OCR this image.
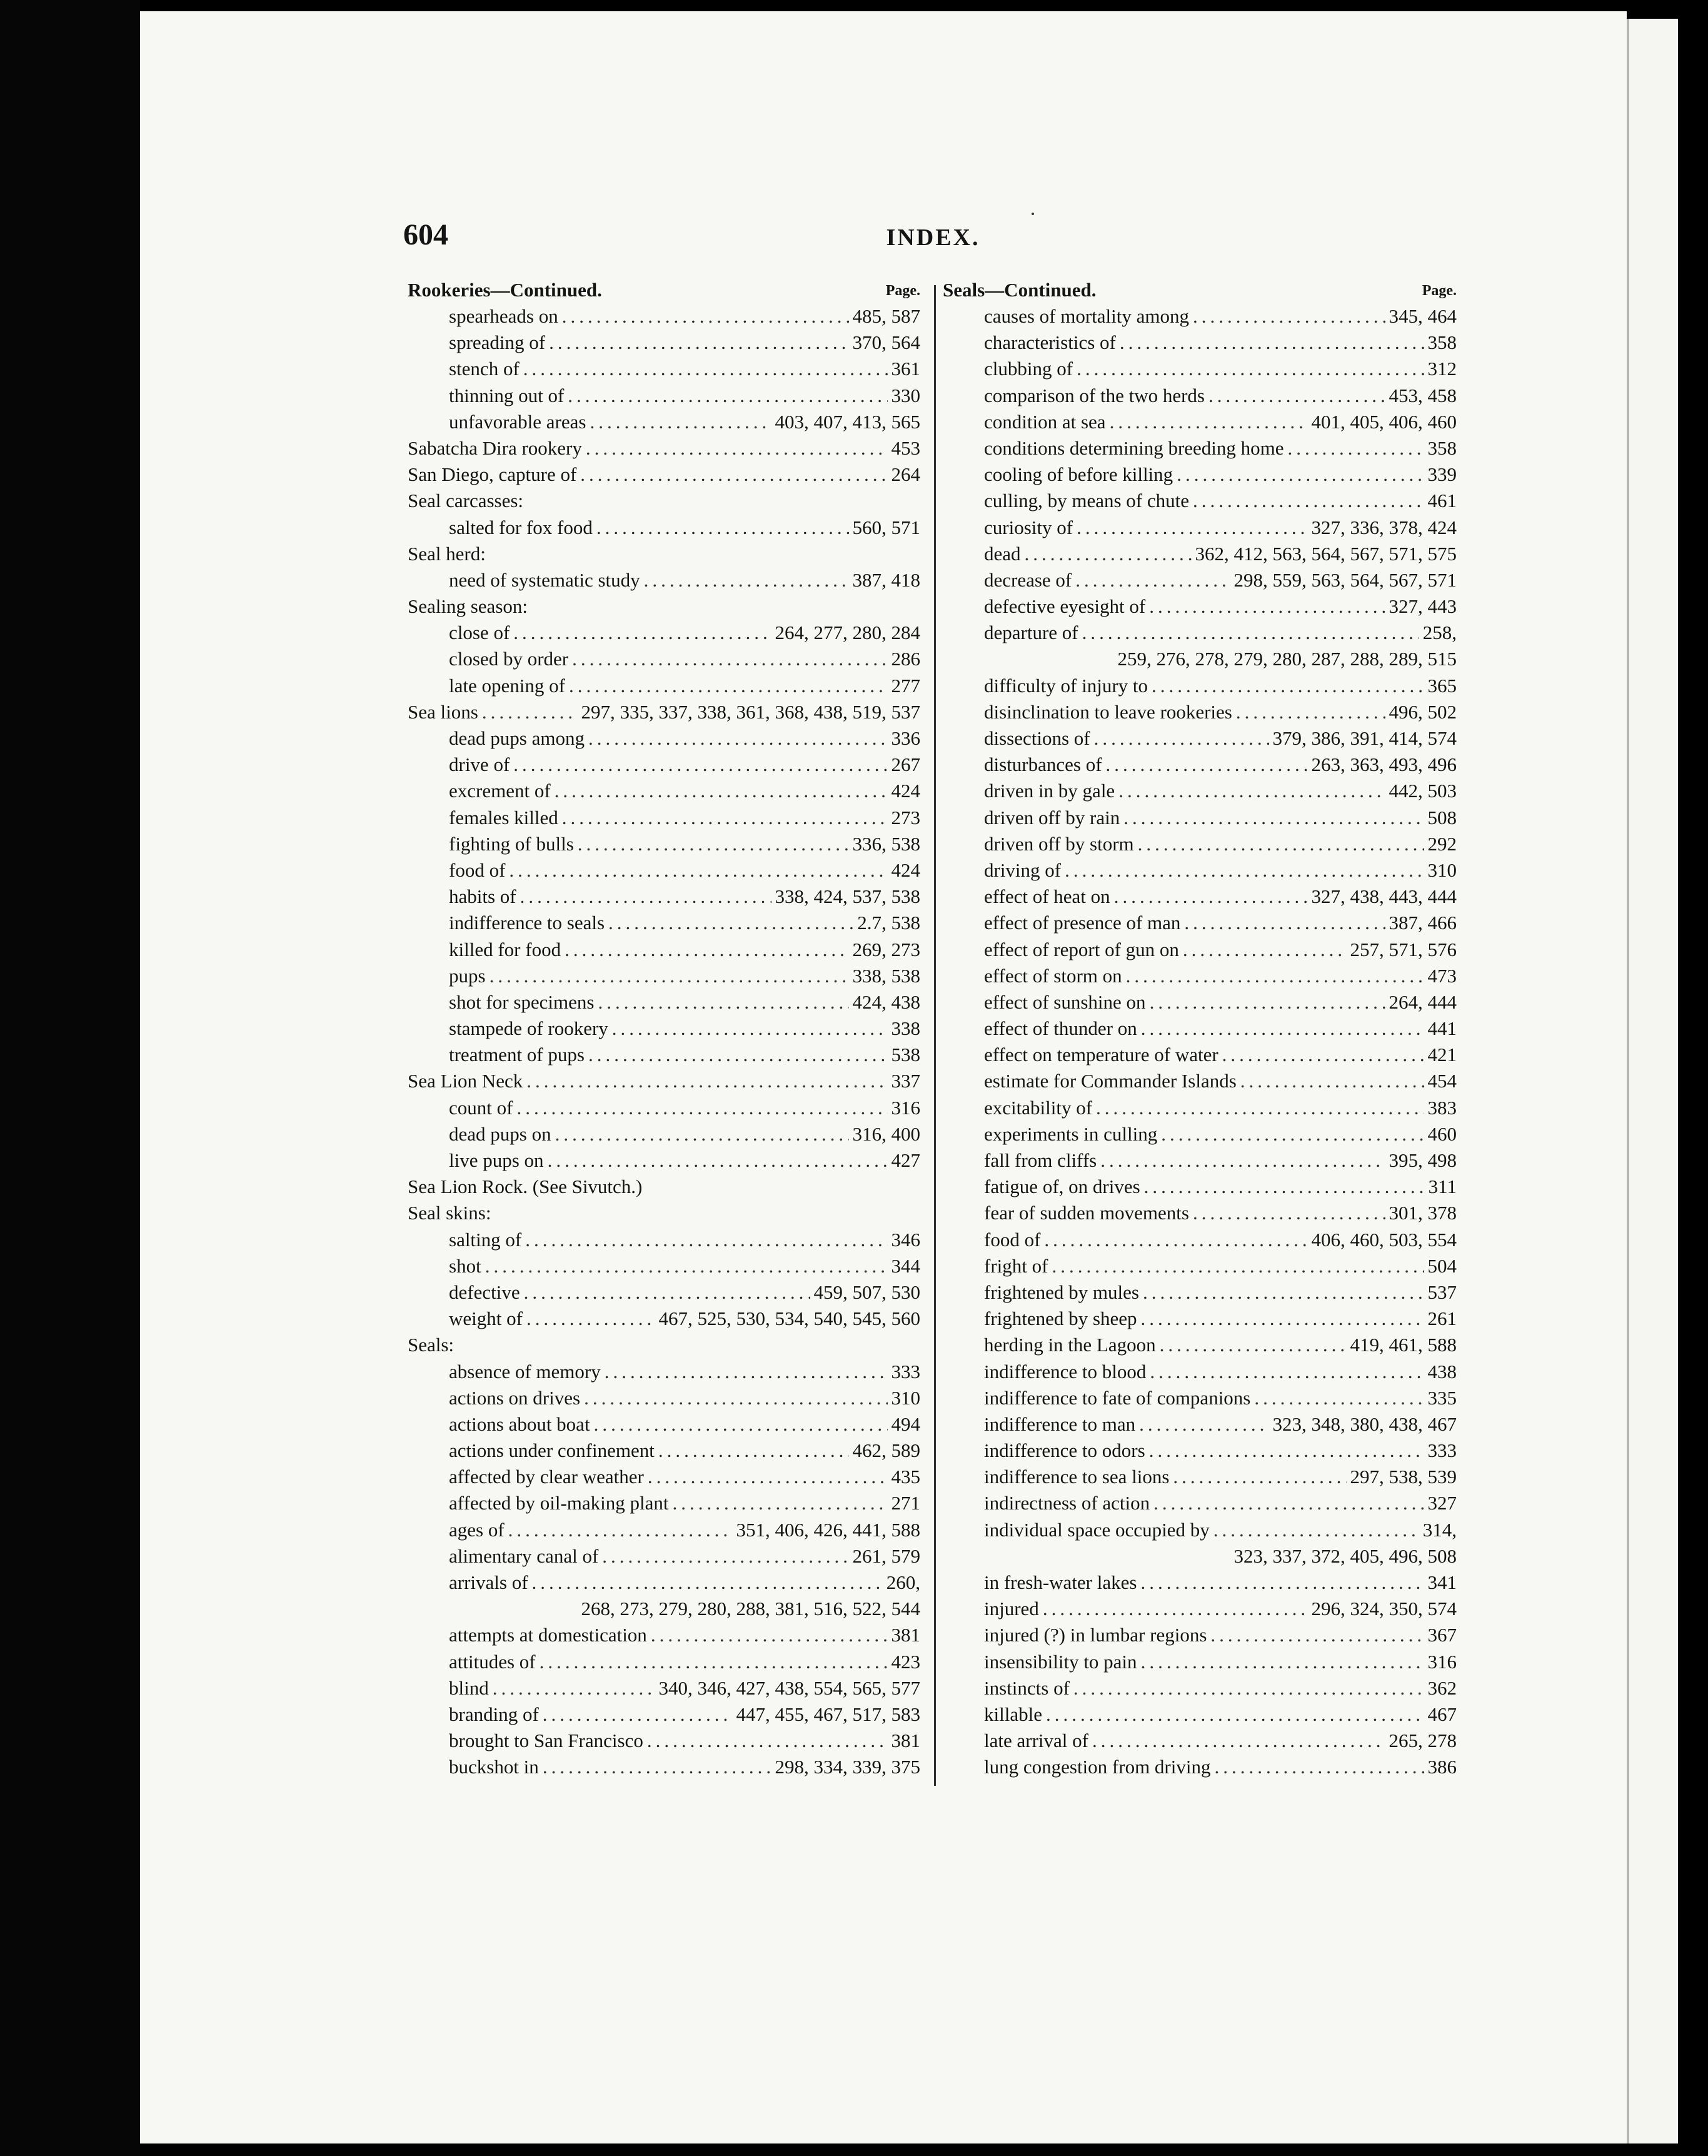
604	INDEX.
Rookeries—Continued.	Page.
spearheads on .....	485, 587
spreading of .....	370, 564
stench of .....	361
thinning out of .....	330
unfavorable areas .....	403, 407, 413, 565
Sabatcha Dira rookery .....	453
San Diego, capture of .....	264
Seal carcasses:
salted for fox food .....	560, 571
Seal herd:
need of systematic study .....	387, 418
Sealing season:
close of .....	264, 277, 280, 284
closed by order .....	286
late opening of .....	277
Sea lions .....	297, 335, 337, 338, 361, 368, 438, 519, 537
dead pups among .....	336
drive of .....	267
excrement of .....	424
females killed .....	273
fighting of bulls .....	336, 538
food of .....	424
habits of .....	338, 424, 537, 538
indifference to seals .....	2.7, 538
killed for food .....	269, 273
pups .....	338, 538
shot for specimens .....	424, 438
stampede of rookery .....	338
treatment of pups .....	538
Sea Lion Neck .....	337
count of .....	316
dead pups on .....	316, 400
live pups on .....	427
Sea Lion Rock. (See Sivutch.)
Seal skins:
salting of .....	346
shot .....	344
defective .....	459, 507, 530
weight of .....	467, 525, 530, 534, 540, 545, 560
Seals:
absence of memory .....	333
actions on drives .....	310
actions about boat .....	494
actions under confinement .....	462, 589
affected by clear weather .....	435
affected by oil-making plant .....	271
ages of .....	351, 406, 426, 441, 588
alimentary canal of .....	261, 579
arrivals of .....	260,
268, 273, 279, 280, 288, 381, 516, 522, 544
attempts at domestication .....	381
attitudes of .....	423
blind .....	340, 346, 427, 438, 554, 565, 577
branding of .....	447, 455, 467, 517, 583
brought to San Francisco .....	381
buckshot in .....	298, 334, 339, 375
Seals—Continued.	Page.
causes of mortality among .....	345, 464
characteristics of .....	358
clubbing of .....	312
comparison of the two herds .....	453, 458
condition at sea .....	401, 405, 406, 460
conditions determining breeding home .....	358
cooling of before killing .....	339
culling, by means of chute .....	461
curiosity of .....	327, 336, 378, 424
dead .....	362, 412, 563, 564, 567, 571, 575
decrease of .....	298, 559, 563, 564, 567, 571
defective eyesight of .....	327, 443
departure of .....	258,
259, 276, 278, 279, 280, 287, 288, 289, 515
difficulty of injury to .....	365
disinclination to leave rookeries .....	496, 502
dissections of .....	379, 386, 391, 414, 574
disturbances of .....	263, 363, 493, 496
driven in by gale .....	442, 503
driven off by rain .....	508
driven off by storm .....	292
driving of .....	310
effect of heat on .....	327, 438, 443, 444
effect of presence of man .....	387, 466
effect of report of gun on .....	257, 571, 576
effect of storm on .....	473
effect of sunshine on .....	264, 444
effect of thunder on .....	441
effect on temperature of water .....	421
estimate for Commander Islands .....	454
excitability of .....	383
experiments in culling .....	460
fall from cliffs .....	395, 498
fatigue of, on drives .....	311
fear of sudden movements .....	301, 378
food of .....	406, 460, 503, 554
fright of .....	504
frightened by mules .....	537
frightened by sheep .....	261
herding in the Lagoon .....	419, 461, 588
indifference to blood .....	438
indifference to fate of companions .....	335
indifference to man .....	323, 348, 380, 438, 467
indifference to odors .....	333
indifference to sea lions .....	297, 538, 539
indirectness of action .....	327
individual space occupied by .....	314,
323, 337, 372, 405, 496, 508
in fresh-water lakes .....	341
injured .....	296, 324, 350, 574
injured (?) in lumbar regions .....	367
insensibility to pain .....	316
instincts of .....	362
killable .....	467
late arrival of .....	265, 278
lung congestion from driving .....	386
